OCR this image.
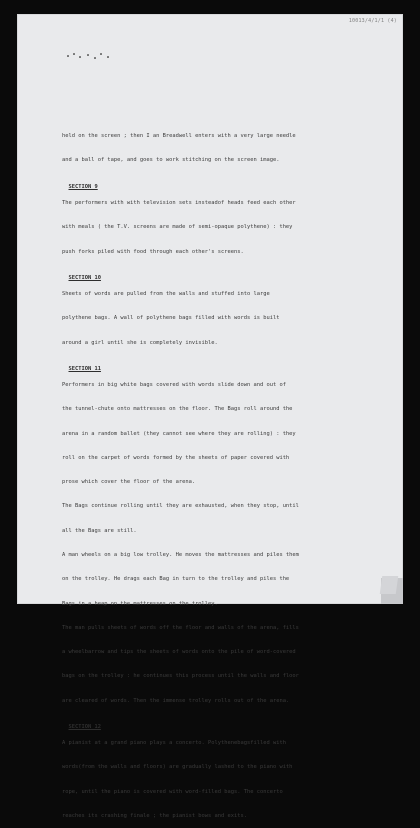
10013/4/1/1 (4)

held on the screen ; then I an Breadwell enters with a very large needle

and a ball of tape, and goes to work stitching on the screen image.

SECTION 9

The performers with with television sets insteadof heads feed each other

with meals ( the T.V. screens are made of semi-opaque polythene) : they

push forks piled with food through each other's screens.

SECTION 10

Sheets of words are pulled from the walls and stuffed into large

polythene bags. A wall of polythene bags filled with words is built

around a girl until she is completely invisible.

SECTION 11

Performers in big white bags covered with words slide down and out of

the tunnel-chute onto mattresses on the floor. The Bags roll around the

arena in a random ballet (they cannot see where they are rolling) : they

roll on the carpet of words formed by the sheets of paper covered with

prose which cover the floor of the arena.

The Bags continue rolling until they are exhausted, when they stop, until

all the Bags are still.

A man wheels on a big low trolley. He moves the mattresses and piles them

on the trolley. He drags each Bag in turn to the trolley and piles the

Bags in a heap on the mattresses on the trolley.

The man pulls sheets of words off the floor and walls of the arena, fills

a wheelbarrow and tips the sheets of words onto the pile of word-covered

bags on the trolley : he continues this process until the walls and floor

are cleared of words. Then the immense trolley rolls out of the arena.

SECTION 12

A pianist at a grand piano plays a concerto. Polythenebagsfilled with

words(from the walls and floors) are gradually lashed to the piano with

rope, until the piano is covered with word-filled bags. The concerto

reaches its crashing finale ; the pianist bows and exits.
